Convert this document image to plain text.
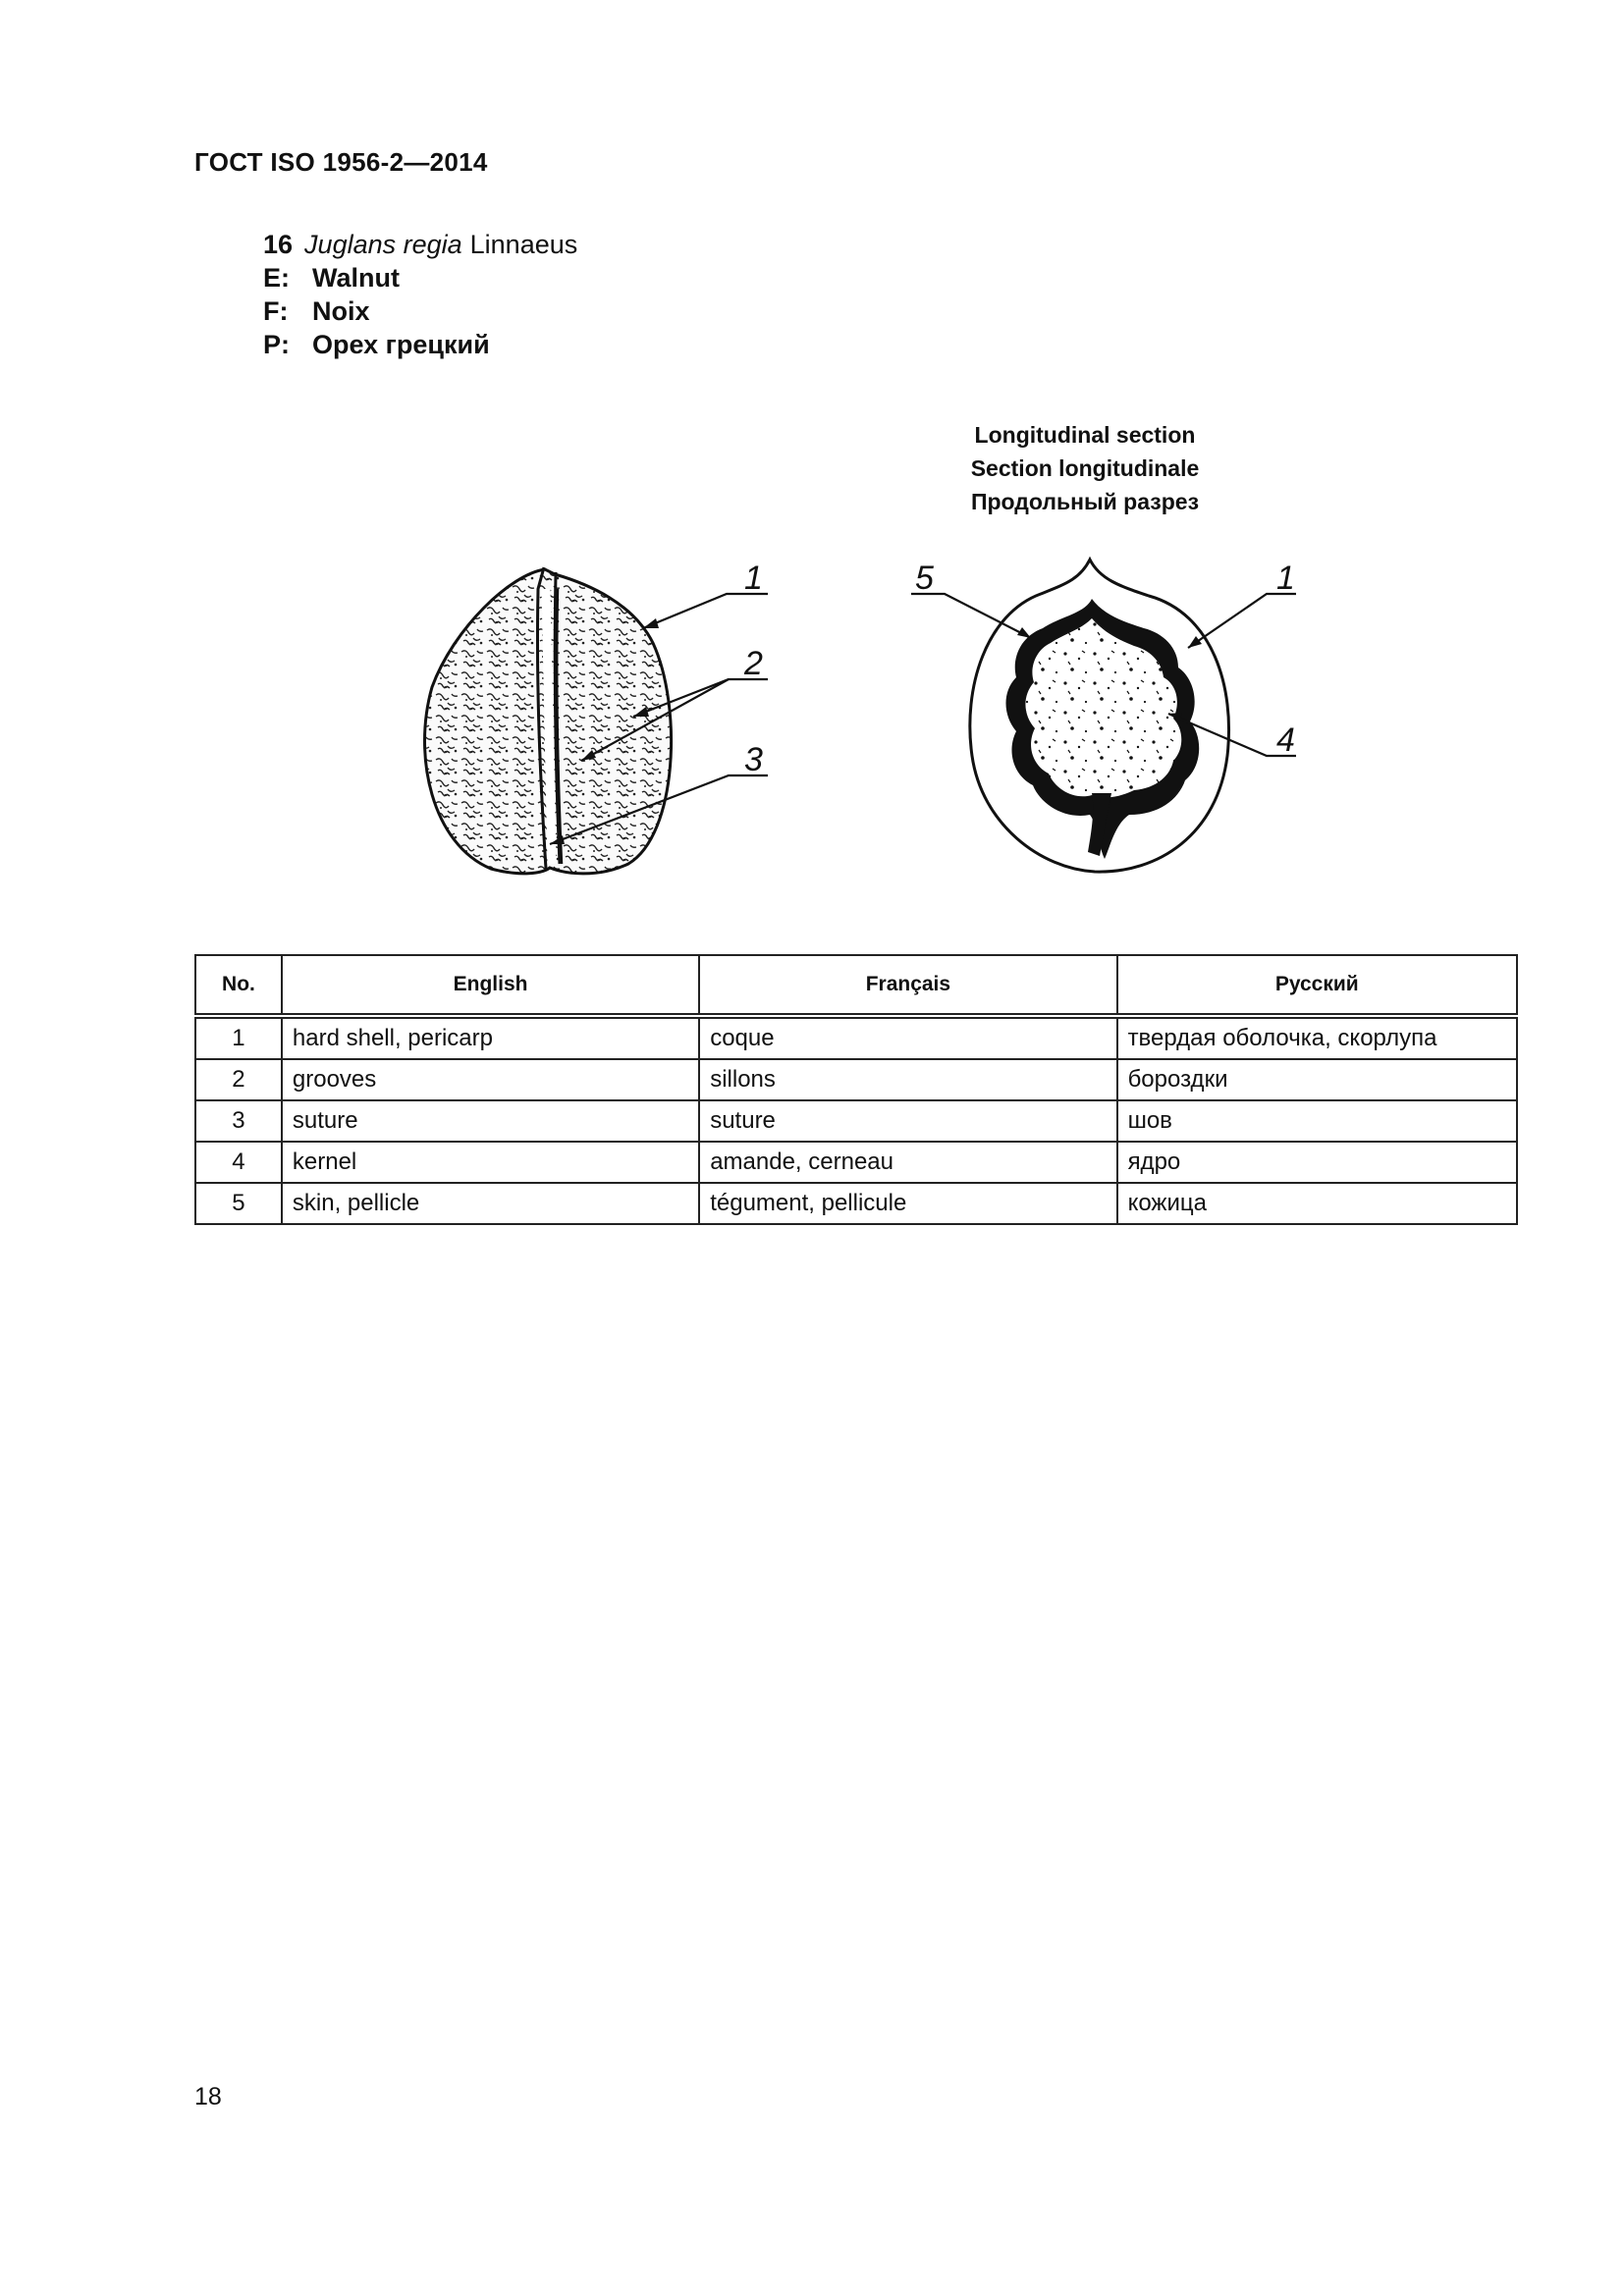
ГОСТ ISO 1956-2—2014
16 Juglans regia Linnaeus
E: Walnut
F: Noix
P: Орех грецкий
Longitudinal section
Section longitudinale
Продольный разрез
1
2
3
5	1
4
No.	English	Français	Русский
1	hard shell, pericarp	coque	твердая оболочка, скорлупа
2	grooves	sillons	бороздки
3	suture	suture	шов
4	kernel	amande, cerneau	ядро
5	skin, pellicle	tégument, pellicule	кожица
18
